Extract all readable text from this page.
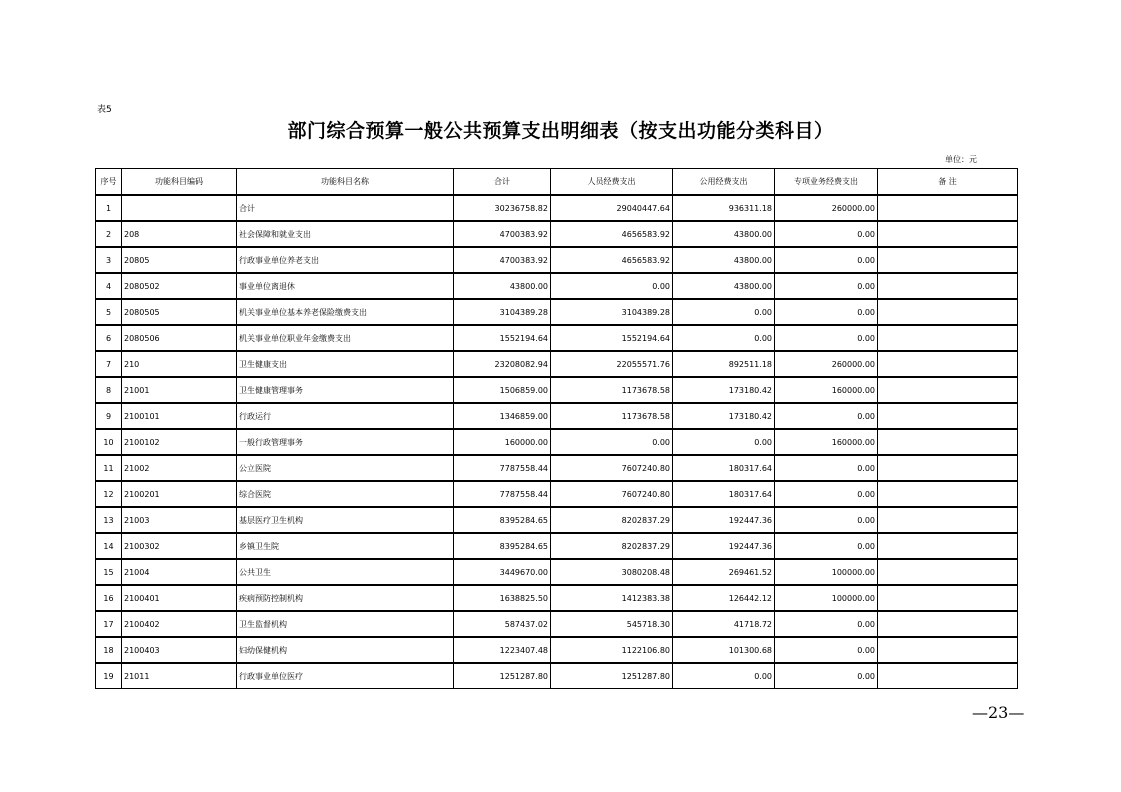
表5
部门综合预算一般公共预算支出明细表（按支出功能分类科目）
单位：元
序号	功能科目编码	功能科目名称	合计	人员经费支出	公用经费支出	专项业务经费支出	备 注
1		合计	30236758.82	29040447.64	936311.18	260000.00	
2	208	社会保障和就业支出	4700383.92	4656583.92	43800.00	0.00	
3	20805	行政事业单位养老支出	4700383.92	4656583.92	43800.00	0.00	
4	2080502	事业单位离退休	43800.00	0.00	43800.00	0.00	
5	2080505	机关事业单位基本养老保险缴费支出	3104389.28	3104389.28	0.00	0.00	
6	2080506	机关事业单位职业年金缴费支出	1552194.64	1552194.64	0.00	0.00	
7	210	卫生健康支出	23208082.94	22055571.76	892511.18	260000.00	
8	21001	卫生健康管理事务	1506859.00	1173678.58	173180.42	160000.00	
9	2100101	行政运行	1346859.00	1173678.58	173180.42	0.00	
10	2100102	一般行政管理事务	160000.00	0.00	0.00	160000.00	
11	21002	公立医院	7787558.44	7607240.80	180317.64	0.00	
12	2100201	综合医院	7787558.44	7607240.80	180317.64	0.00	
13	21003	基层医疗卫生机构	8395284.65	8202837.29	192447.36	0.00	
14	2100302	乡镇卫生院	8395284.65	8202837.29	192447.36	0.00	
15	21004	公共卫生	3449670.00	3080208.48	269461.52	100000.00	
16	2100401	疾病预防控制机构	1638825.50	1412383.38	126442.12	100000.00	
17	2100402	卫生监督机构	587437.02	545718.30	41718.72	0.00	
18	2100403	妇幼保健机构	1223407.48	1122106.80	101300.68	0.00	
19	21011	行政事业单位医疗	1251287.80	1251287.80	0.00	0.00	
—23—
